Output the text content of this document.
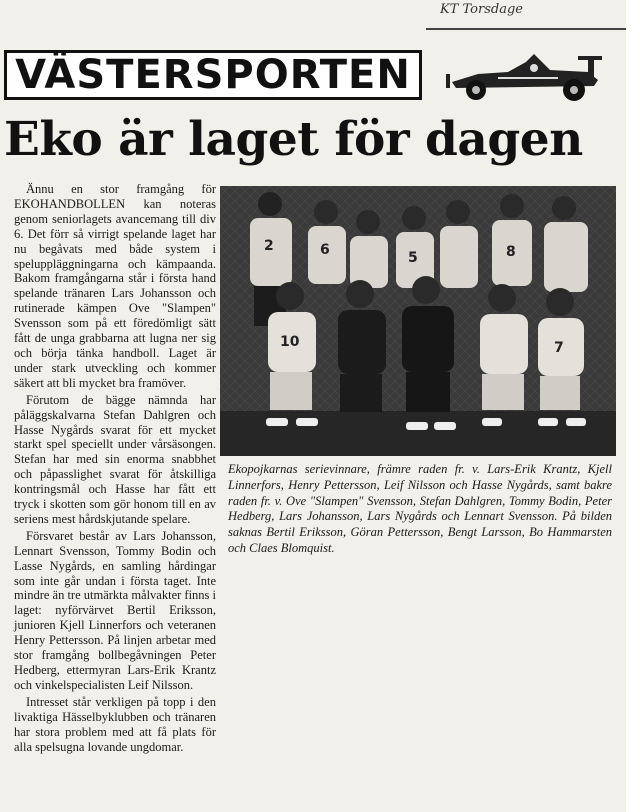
KT Torsdage
VÄSTERSPORTEN
Eko är laget för dagen

Ännu en stor framgång för EKOHANDBOLLEN kan noteras genom seniorlagets avancemang till div 6. Det förr så virrigt spelande laget har nu begåvats med både system i speluppläggningarna och kämpaanda. Bakom framgångarna står i första hand spelande tränaren Lars Johansson och rutinerade kämpen Ove "Slampen" Svensson som på ett föredömligt sätt fått de unga grabbarna att lugna ner sig och börja tänka handboll. Laget är under stark utveckling och kommer säkert att bli mycket bra framöver.

Förutom de bägge nämnda har påläggskalvarna Stefan Dahlgren och Hasse Nygårds svarat för ett mycket starkt spel speciellt under vårsäsongen. Stefan har med sin enorma snabbhet och påpasslighet svarat för åtskilliga kontringsmål och Hasse har fått ett tryck i skotten som gör honom till en av seriens mest hårdskjutande spelare.

Försvaret består av Lars Johansson, Lennart Svensson, Tommy Bodin och Lasse Nygårds, en samling hårdingar som inte går undan i första taget. Inte mindre än tre utmärkta målvakter finns i laget: nyförvärvet Bertil Eriksson, junioren Kjell Linnerfors och veteranen Henry Pettersson. På linjen arbetar med stor framgång bollbegåvningen Peter Hedberg, ettermyran Lars-Erik Krantz och vinkelspecialisten Leif Nilsson.

Intresset står verkligen på topp i den livaktiga Hässelbyklubben och tränaren har stora problem med att få plats för alla spelsugna lovande ungdomar.

2	6	5	8
10	7
Ekopojkarnas serievinnare, främre raden fr. v. Lars-Erik Krantz, Kjell Linnerfors, Henry Pettersson, Leif Nilsson och Hasse Nygårds, samt bakre raden fr. v. Ove "Slampen" Svensson, Stefan Dahlgren, Tommy Bodin, Peter Hedberg, Lars Johansson, Lars Nygårds och Lennart Svensson. På bilden saknas Bertil Eriksson, Göran Pettersson, Bengt Larsson, Bo Hammarsten och Claes Blomquist.
